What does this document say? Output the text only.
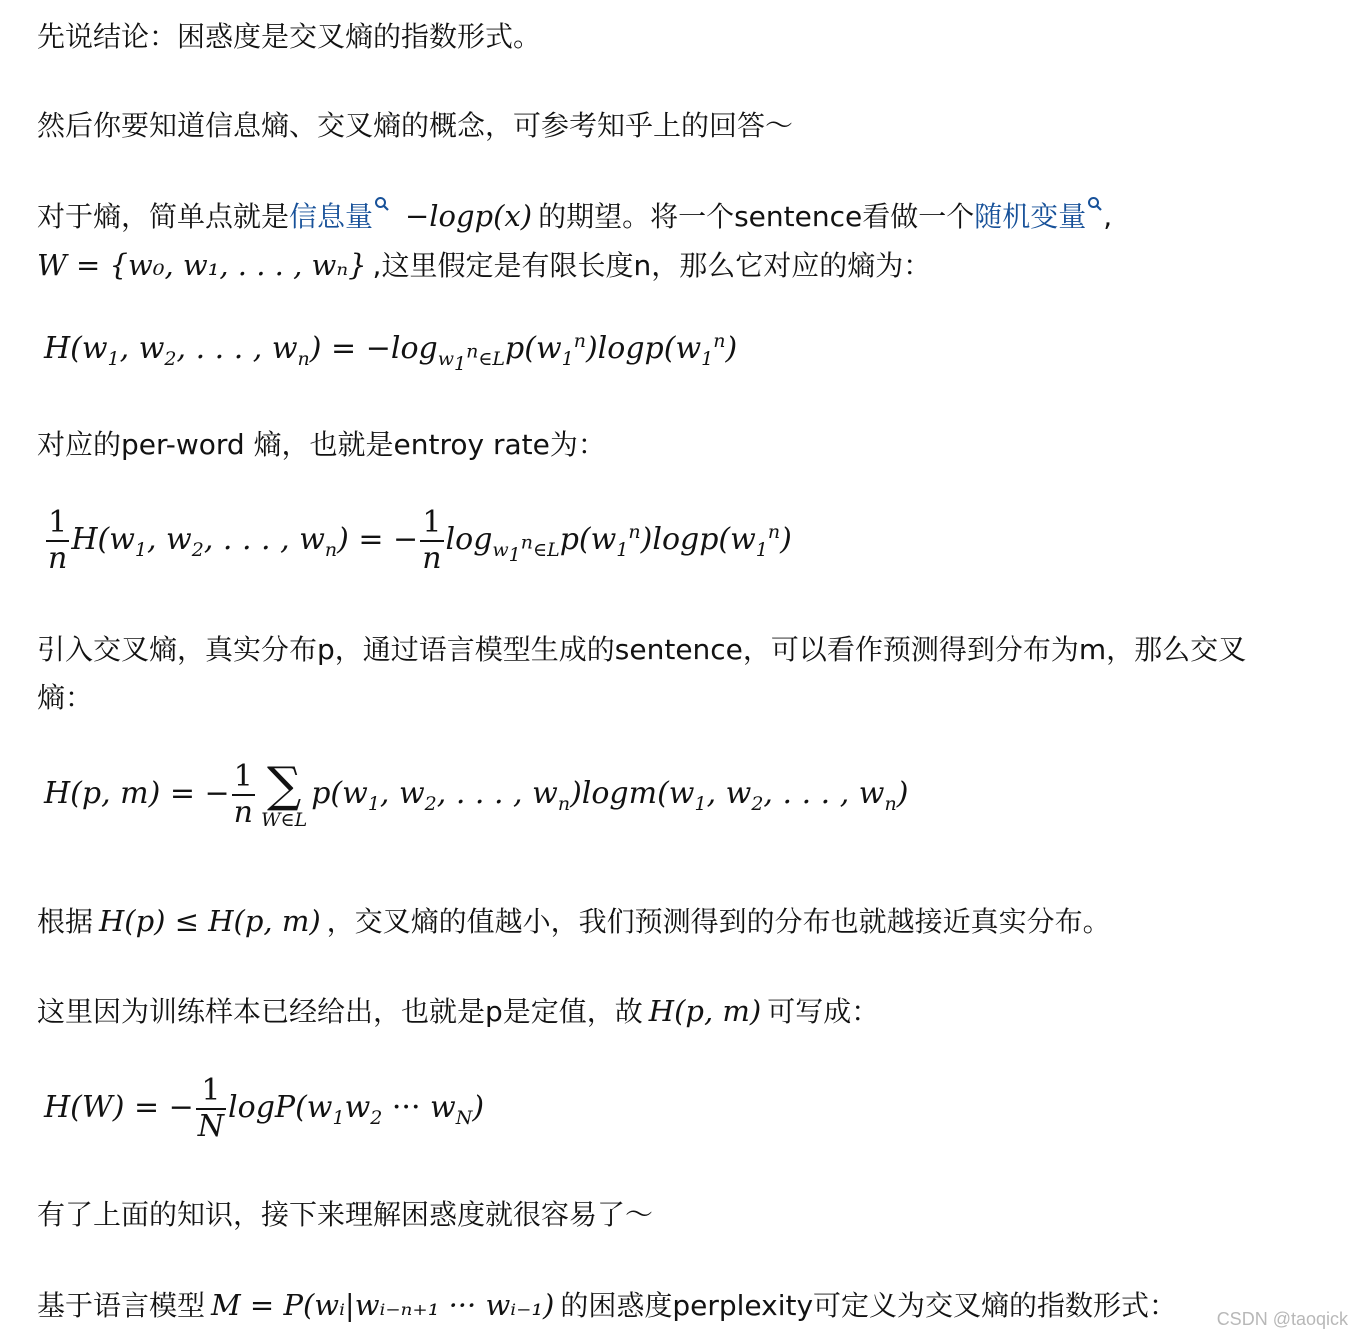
先说结论：困惑度是交叉熵的指数形式。
然后你要知道信息熵、交叉熵的概念，可参考知乎上的回答～
对于熵，简单点就是信息量 −logp(x) 的期望。将一个sentence看做一个随机变量 ,
W = {w₀, w₁, . . . , wₙ} ,这里假定是有限长度n，那么它对应的熵为：
$H(w_1$, $w_2$, . . . , $w_n) = -\log_{w_1^n\in L}p(w_1^n)\log p(w_1^n)$
对应的per-word 熵，也就是entroy rate为：
$\frac{1}{n} H(w_1$, $w_2$, . . . , $w_n$) = − $\frac{1}{n} \log_{w_1^n\in L}p(w_1^n)\log p(w_1^n)$
引入交叉熵，真实分布p，通过语言模型生成的sentence，可以看作预测得到分布为m，那么交叉
熵：
H(p, m) = − $\frac{1}{n}$ ∑
W∈L
$p(w_1$, $w_2$, . . . , $w_n)\log m(w_1$, $w_2$, . . . , $w_n$)
根据 H(p) ≤ H(p, m) ，交叉熵的值越小，我们预测得到的分布也就越接近真实分布。
这里因为训练样本已经给出，也就是p是定值，故 H(p, m) 可写成：
H(W) = − $\frac{1}{N} \log P(w_1w_2$ ··· $w_N$)
有了上面的知识，接下来理解困惑度就很容易了～
基于语言模型 M = P(wᵢ|wᵢ₋ₙ₊₁ ··· wᵢ₋₁) 的困惑度perplexity可定义为交叉熵的指数形式： CSDN @taoqick
